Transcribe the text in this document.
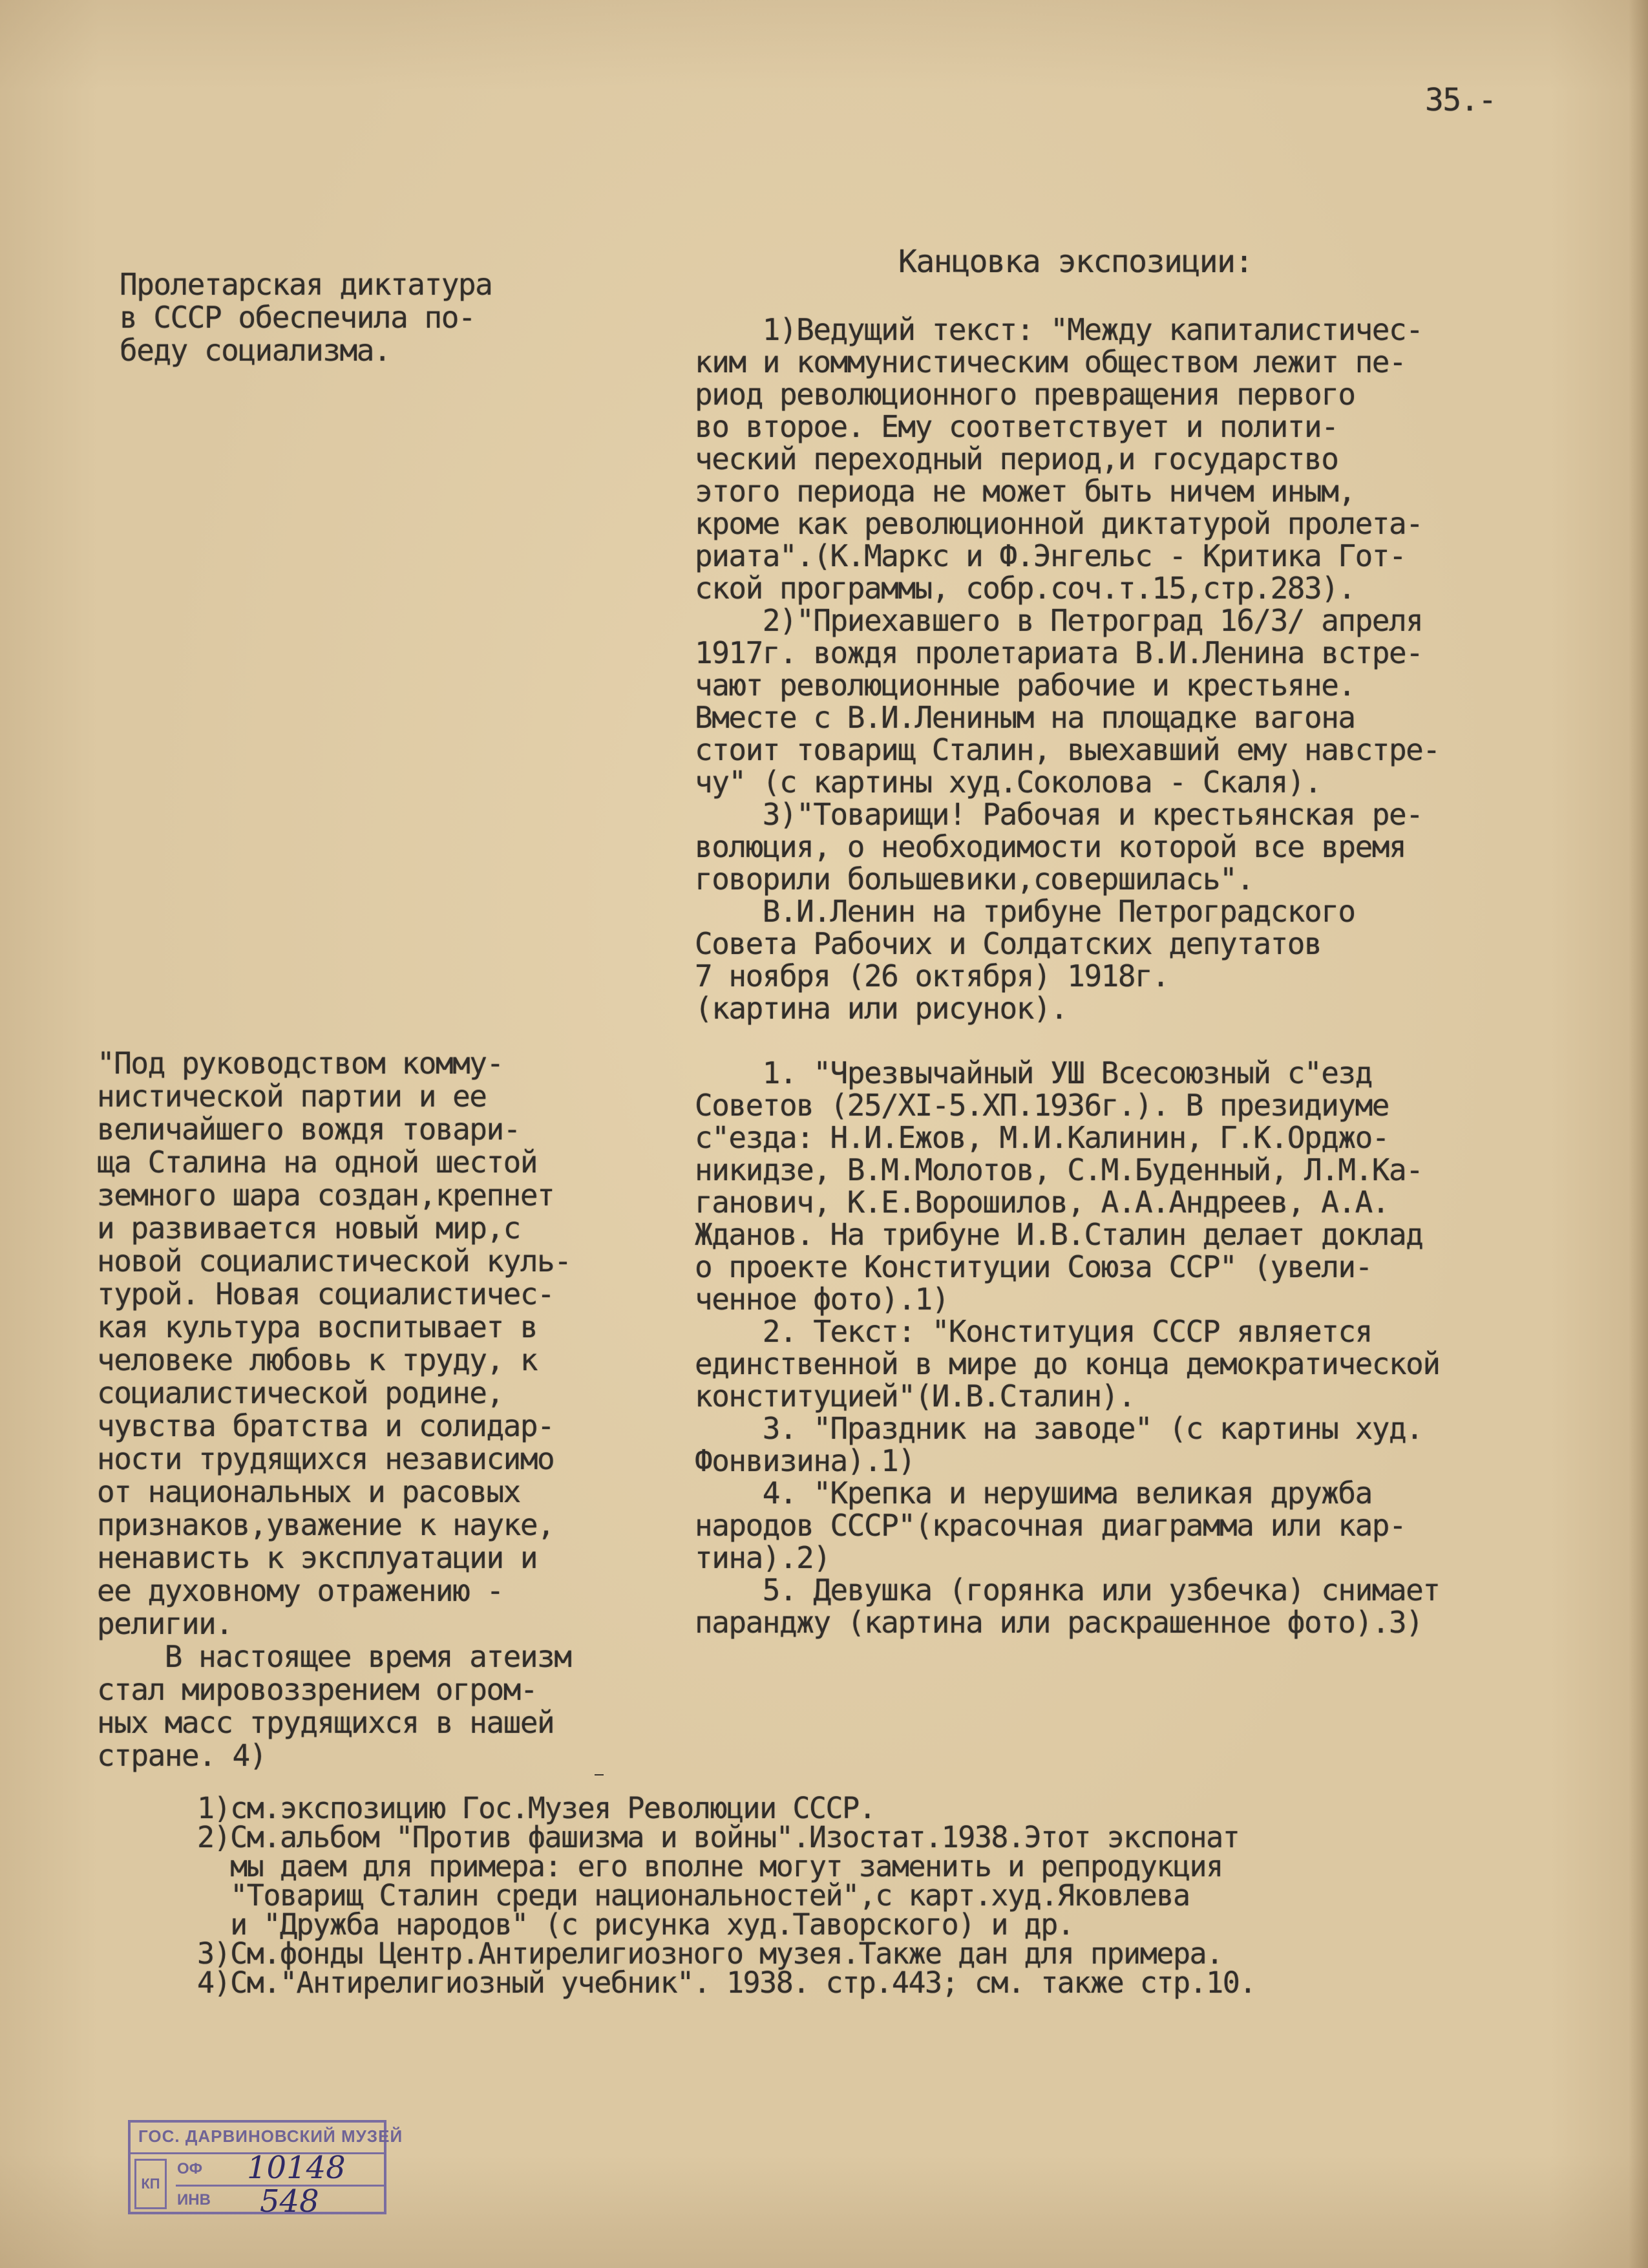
35.-
Пролетарская диктатура
в СССР обеспечила по-
беду социализма.
Канцовка экспозиции:
1)Ведущий текст: "Между капиталистичес-
ким и коммунистическим обществом лежит пе-
риод революционного превращения первого
во второе. Ему соответствует и полити-
ческий переходный период,и государство
этого периода не может быть ничем иным,
кроме как революционной диктатурой пролета-
риата".(К.Маркс и Ф.Энгельс - Критика Гот-
ской программы, собр.соч.т.15,стр.283).
2)"Приехавшего в Петроград 16/3/ апреля
1917г. вождя пролетариата В.И.Ленина встре-
чают революционные рабочие и крестьяне.
Вместе с В.И.Лениным на площадке вагона
стоит товарищ Сталин, выехавший ему навстре-
чу" (с картины худ.Соколова - Скаля).
3)"Товарищи! Рабочая и крестьянская ре-
волюция, о необходимости которой все время
говорили большевики,совершилась".
В.И.Ленин на трибуне Петроградского
Совета Рабочих и Солдатских депутатов
7 ноября (26 октября) 1918г.
(картина или рисунок).
"Под руководством комму-
нистической партии и ее
величайшего вождя товари-
ща Сталина на одной шестой
земного шара создан,крепнет
и развивается новый мир,с
новой социалистической куль-
турой. Новая социалистичес-
кая культура воспитывает в
человеке любовь к труду, к
социалистической родине,
чувства братства и солидар-
ности трудящихся независимо
от национальных и расовых
признаков,уважение к науке,
ненависть к эксплуатации и
ее духовному отражению -
религии.
В настоящее время атеизм
стал мировоззрением огром-
ных масс трудящихся в нашей
стране. 4)
1. "Чрезвычайный УШ Всесоюзный с"езд
Советов (25/XI-5.XП.1936г.). В президиуме
с"езда: Н.И.Ежов, М.И.Калинин, Г.К.Орджо-
никидзе, В.М.Молотов, С.М.Буденный, Л.М.Ка-
ганович, К.Е.Ворошилов, А.А.Андреев, А.А.
Жданов. На трибуне И.В.Сталин делает доклад
о проекте Конституции Союза ССР" (увели-
ченное фото).1)
2. Текст: "Конституция СССР является
единственной в мире до конца демократической
конституцией"(И.В.Сталин).
3. "Праздник на заводе" (с картины худ.
Фонвизина).1)
4. "Крепка и нерушима великая дружба
народов СССР"(красочная диаграмма или кар-
тина).2)
5. Девушка (горянка или узбечка) снимает
паранджу (картина или раскрашенное фото).3)
1)см.экспозицию Гос.Музея Революции СССР.
2)См.альбом "Против фашизма и войны".Изостат.1938.Этот экспонат
мы даем для примера: его вполне могут заменить и репродукция
"Товарищ Сталин среди национальностей",с карт.худ.Яковлева
и "Дружба народов" (с рисунка худ.Таворского) и др.
3)См.фонды Центр.Антирелигиозного музея.Также дан для примера.
4)См."Антирелигиозный учебник". 1938. стр.443; см. также стр.10.
ГОС. ДАРВИНОВСКИЙ МУЗЕЙ
КП
ОФ
ИНВ
10148
548
